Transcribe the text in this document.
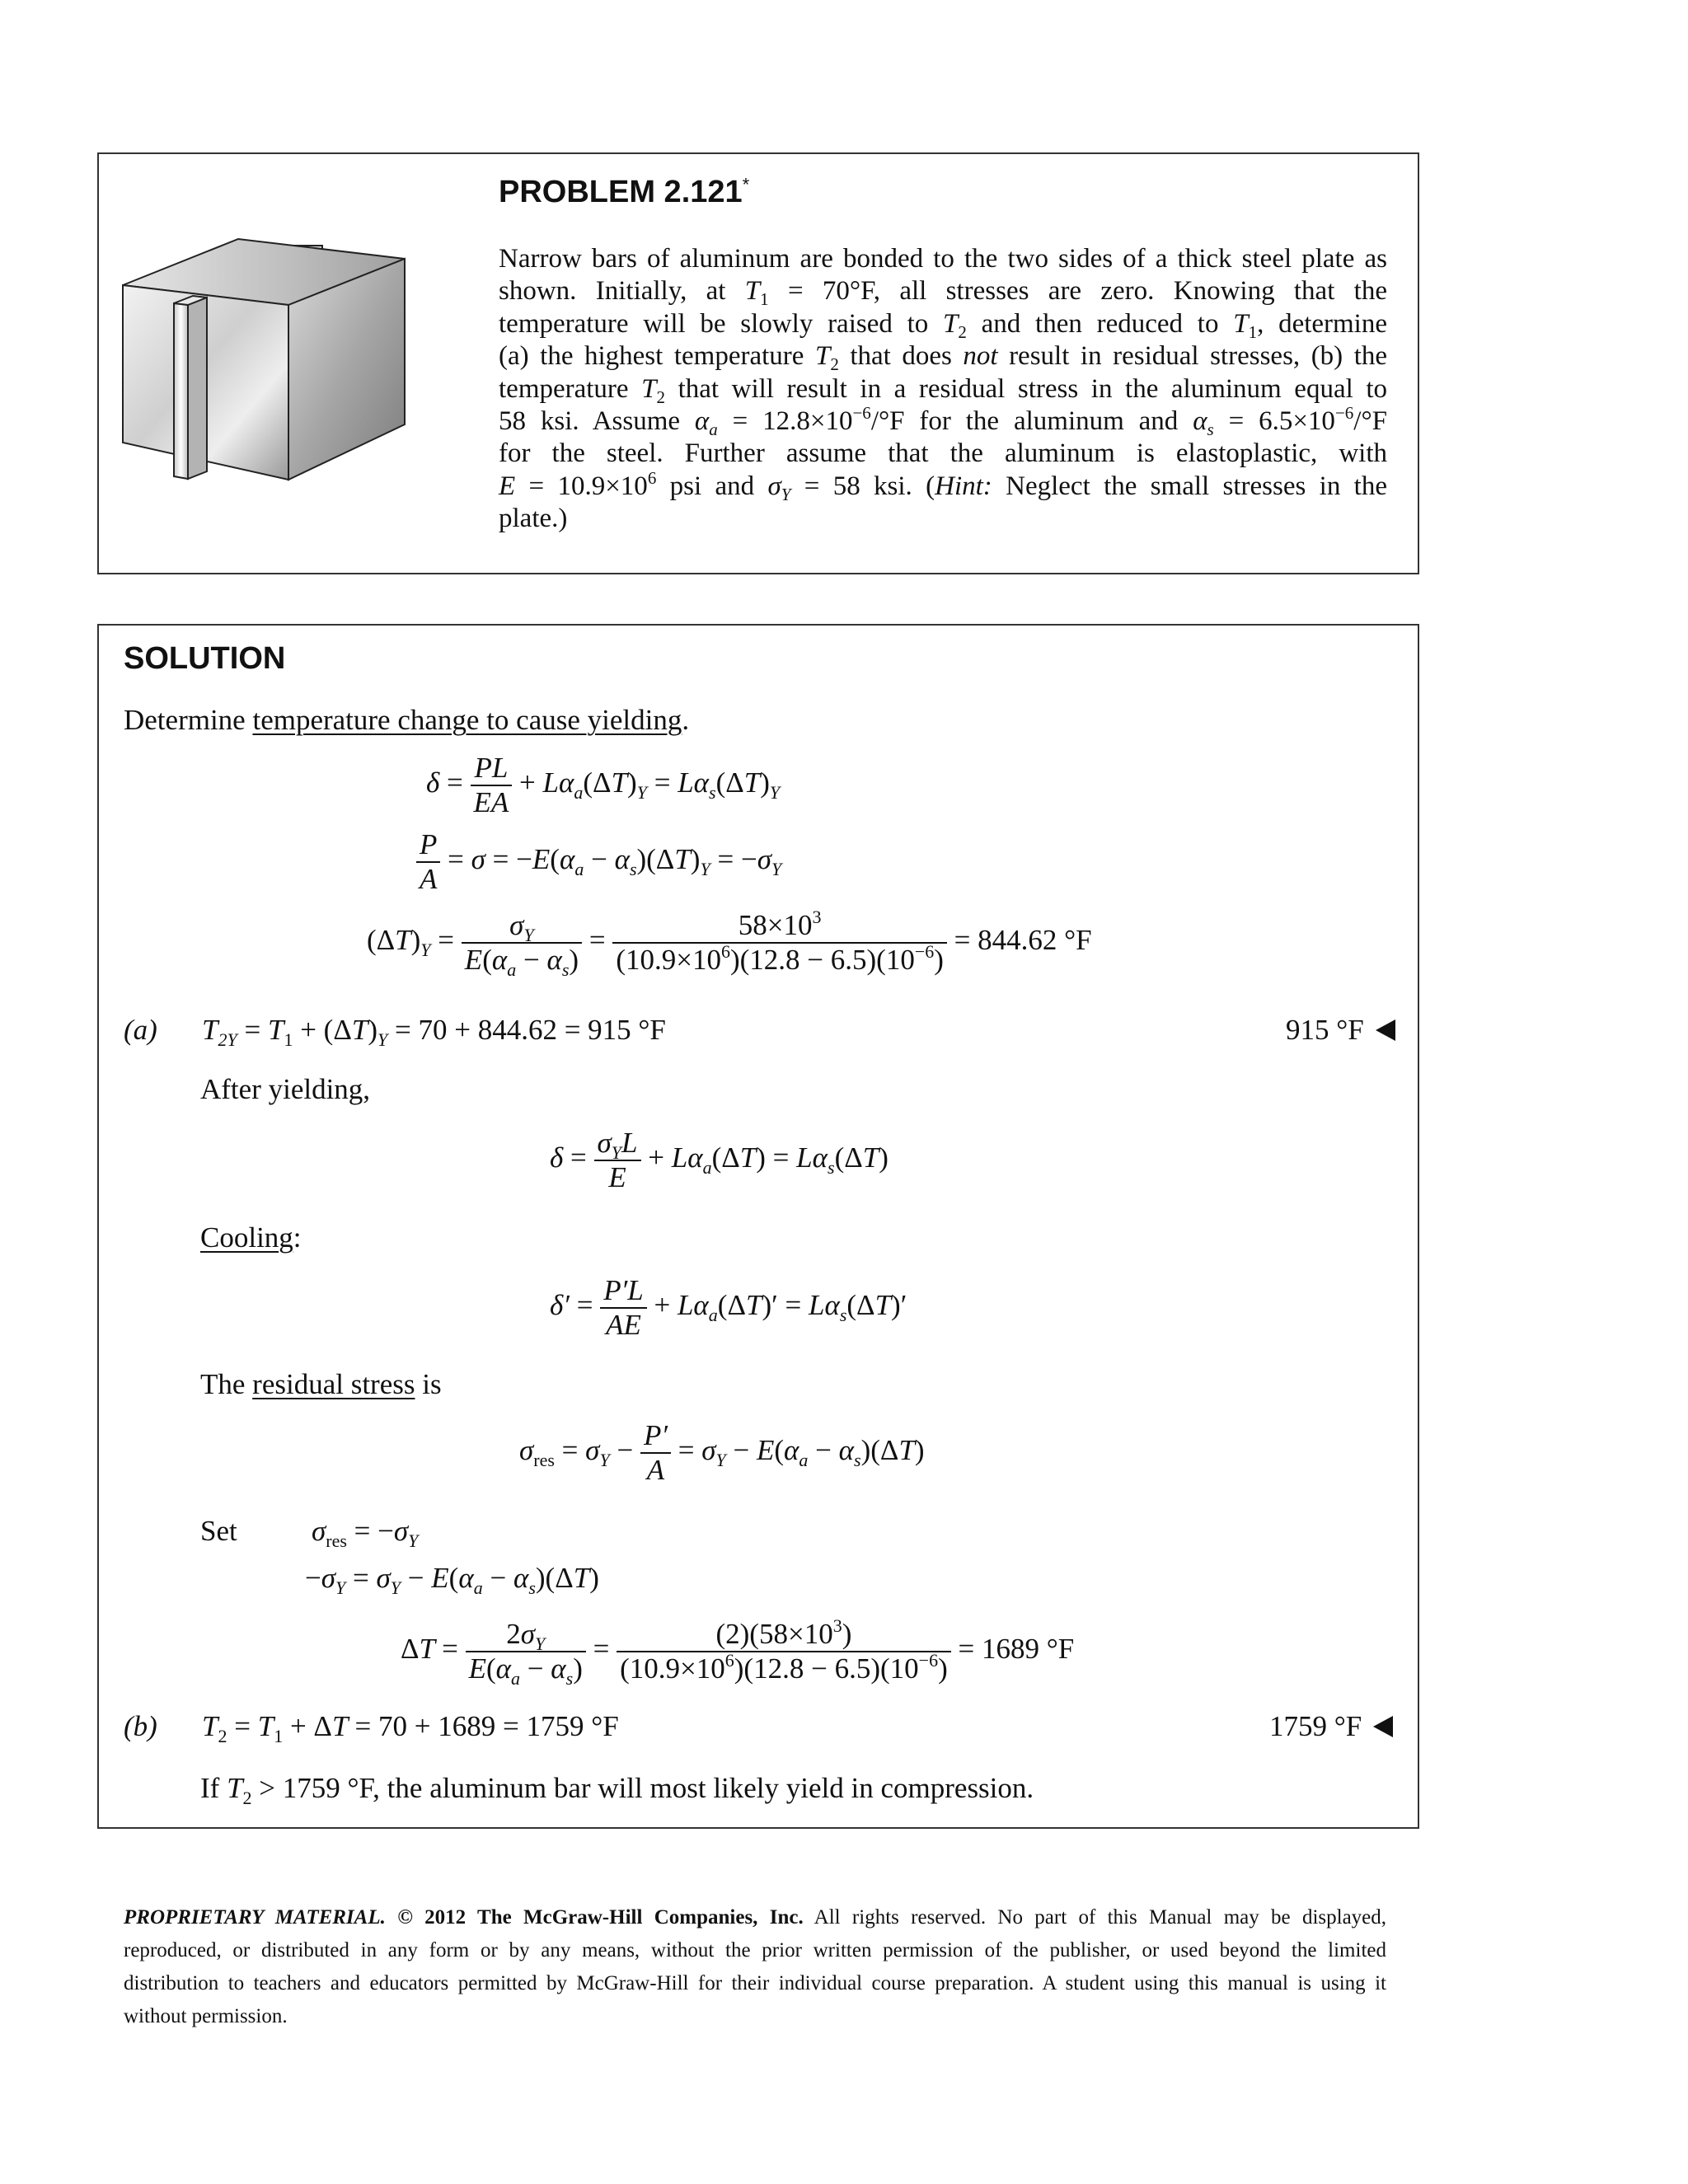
PROBLEM 2.121*
Narrow bars of aluminum are bonded to the two sides of a thick steel plate as
shown. Initially, at $T_1 = 70^\circ F$, all stresses are zero. Knowing that the
temperature will be slowly raised to $T_2$ and then reduced to $T_1$, determine
(a) the highest temperature $T_2$ that does not result in residual stresses, (b) the
temperature $T_2$ that will result in a residual stress in the aluminum equal to
58 ksi. Assume $\alpha_a = 12.8\times 10^{-6}/^\circ F$ for the aluminum and $\alpha_s = 6.5\times 10^{-6}/^\circ F$
for the steel. Further assume that the aluminum is elastoplastic, with
$E = 10.9\times 10^6$ psi and $\sigma_Y = 58$ ksi. (Hint: Neglect the small stresses in the
plate.)
SOLUTION
Determine temperature change to cause yielding.
$\delta = \frac{PL}{EA} + L\alpha_a(\Delta T)_Y = L\alpha_s(\Delta T)_Y$
$\frac{P}{A} = \sigma = -E(\alpha_a - \alpha_s)(\Delta T)_Y = -\sigma_Y$
$(\Delta T)_Y = \frac{\sigma_Y}{E(\alpha_a - \alpha_s)} = \frac{58\times 10^3}{(10.9\times 10^6)(12.8 - 6.5)(10^{-6})} = 844.62$ °F
(a) $T_{2Y} = T_1 + (\Delta T)_Y = 70 + 844.62 = 915$ °F	915 °F
After yielding,
$\delta = \frac{\sigma_YL}{E} + L\alpha_a(\Delta T) = L\alpha_s(\Delta T)$
Cooling:
$\delta' = \frac{P'L}{AE} + L\alpha_a(\Delta T)' = L\alpha_s(\Delta T)'$
The residual stress is
$\sigma_{res} = \sigma_Y - \frac{P'}{A} = \sigma_Y - E(\alpha_a - \alpha_s)(\Delta T)$
Set	$\sigma_{res} = -\sigma_Y$
$-\sigma_Y = \sigma_Y - E(\alpha_a - \alpha_s)(\Delta T)$
$\Delta T = \frac{2\sigma_Y}{E(\alpha_a - \alpha_s)} = \frac{(2)(58\times 10^3)}{(10.9\times 10^6)(12.8 - 6.5)(10^{-6})} = 1689$ °F
(b) $T_2 = T_1 + \Delta T = 70 + 1689 = 1759$ °F	1759 °F
If $T_2 > 1759$ °F, the aluminum bar will most likely yield in compression.
PROPRIETARY MATERIAL. © 2012 The McGraw-Hill Companies, Inc. All rights reserved. No part of this Manual may be displayed,
reproduced, or distributed in any form or by any means, without the prior written permission of the publisher, or used beyond the limited
distribution to teachers and educators permitted by McGraw-Hill for their individual course preparation. A student using this manual is using it
without permission.
